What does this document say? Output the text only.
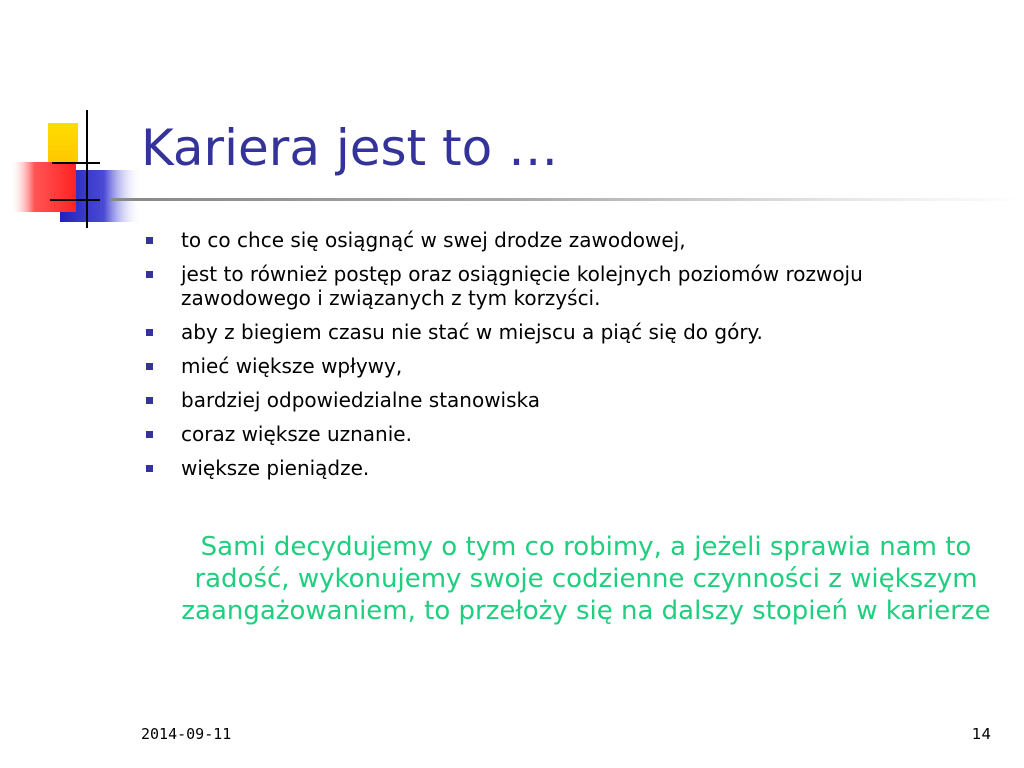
Kariera jest to …
to co chce się osiągnąć w swej drodze zawodowej,
jest to również postęp oraz osiągnięcie kolejnych poziomów rozwoju zawodowego i związanych z tym korzyści.
aby z biegiem czasu nie stać w miejscu a piąć się do góry.
mieć większe wpływy,
bardziej odpowiedzialne stanowiska
coraz większe uznanie.
większe pieniądze.

Sami decydujemy o tym co robimy, a jeżeli sprawia nam to radość, wykonujemy swoje codzienne czynności z większym zaangażowaniem, to przełoży się na dalszy stopień w karierze

2014-09-11	14
